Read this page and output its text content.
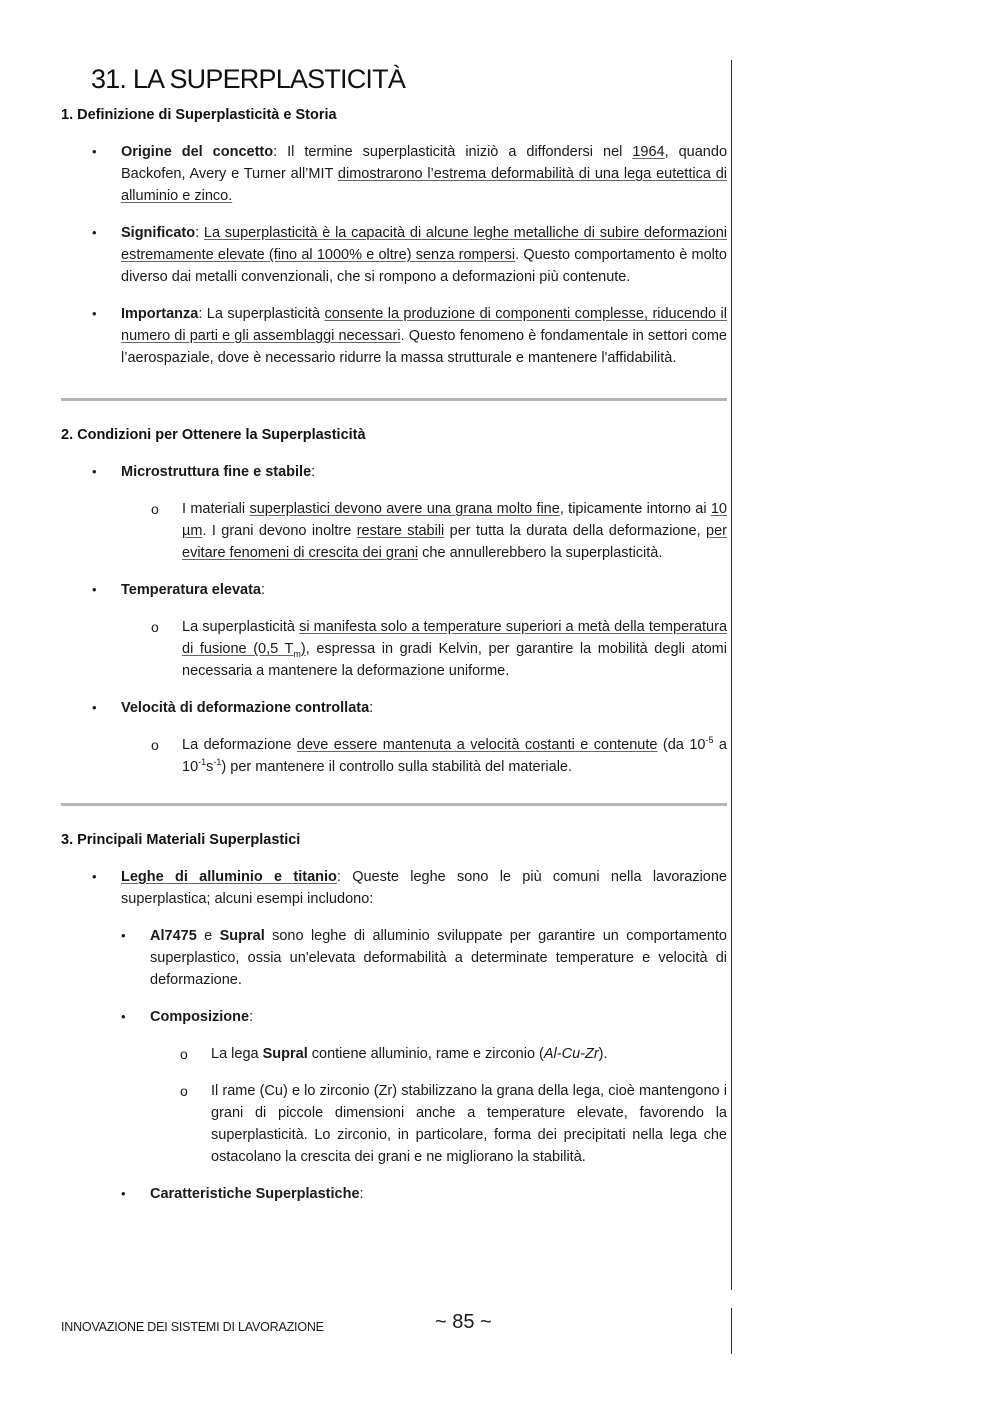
31. LA SUPERPLASTICITÀ
1. Definizione di Superplasticità e Storia
• Origine del concetto: Il termine superplasticità iniziò a diffondersi nel 1964, quando Backofen, Avery e Turner all’MIT dimostrarono l’estrema deformabilità di una lega eutettica di alluminio e zinco.

• Significato: La superplasticità è la capacità di alcune leghe metalliche di subire deformazioni estremamente elevate (fino al 1000% e oltre) senza rompersi. Questo comportamento è molto diverso dai metalli convenzionali, che si rompono a deformazioni più contenute.

• Importanza: La superplasticità consente la produzione di componenti complesse, riducendo il numero di parti e gli assemblaggi necessari. Questo fenomeno è fondamentale in settori come l’aerospaziale, dove è necessario ridurre la massa strutturale e mantenere l'affidabilità.

2. Condizioni per Ottenere la Superplasticità
• Microstruttura fine e stabile:

o I materiali superplastici devono avere una grana molto fine, tipicamente intorno ai 10 µm. I grani devono inoltre restare stabili per tutta la durata della deformazione, per evitare fenomeni di crescita dei grani che annullerebbero la superplasticità.

• Temperatura elevata:

o La superplasticità si manifesta solo a temperature superiori a metà della temperatura di fusione (0,5 $T_m$), espressa in gradi Kelvin, per garantire la mobilità degli atomi necessaria a mantenere la deformazione uniforme.

• Velocità di deformazione controllata:

o La deformazione deve essere mantenuta a velocità costanti e contenute (da $10^{-5}$ a $10^{-1}s^{-1}$) per mantenere il controllo sulla stabilità del materiale.

3. Principali Materiali Superplastici
• Leghe di alluminio e titanio: Queste leghe sono le più comuni nella lavorazione superplastica; alcuni esempi includono:

• Al7475 e Supral sono leghe di alluminio sviluppate per garantire un comportamento superplastico, ossia un'elevata deformabilità a determinate temperature e velocità di deformazione.

• Composizione:

o La lega Supral contiene alluminio, rame e zirconio (Al-Cu-Zr).

o Il rame (Cu) e lo zirconio (Zr) stabilizzano la grana della lega, cioè mantengono i grani di piccole dimensioni anche a temperature elevate, favorendo la superplasticità. Lo zirconio, in particolare, forma dei precipitati nella lega che ostacolano la crescita dei grani e ne migliorano la stabilità.

• Caratteristiche Superplastiche:

INNOVAZIONE DEI SISTEMI DI LAVORAZIONE	~ 85 ~
